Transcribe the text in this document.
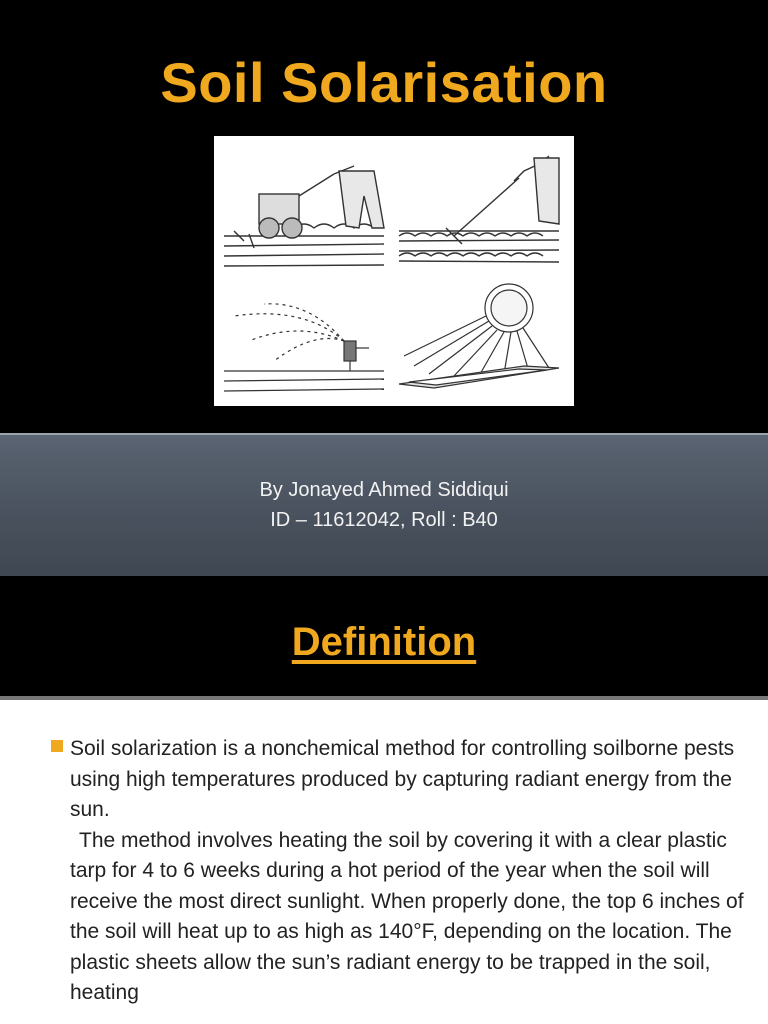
Soil Solarisation
By Jonayed Ahmed Siddiqui
ID – 11612042, Roll : B40
Definition

Soil solarization is a nonchemical method for controlling soilborne pests using high temperatures produced by capturing radiant energy from the sun.

The method involves heating the soil by covering it with a clear plastic tarp for 4 to 6 weeks during a hot period of the year when the soil will receive the most direct sunlight. When properly done, the top 6 inches of the soil will heat up to as high as 140°F, depending on the location. The plastic sheets allow the sun’s radiant energy to be trapped in the soil, heating
